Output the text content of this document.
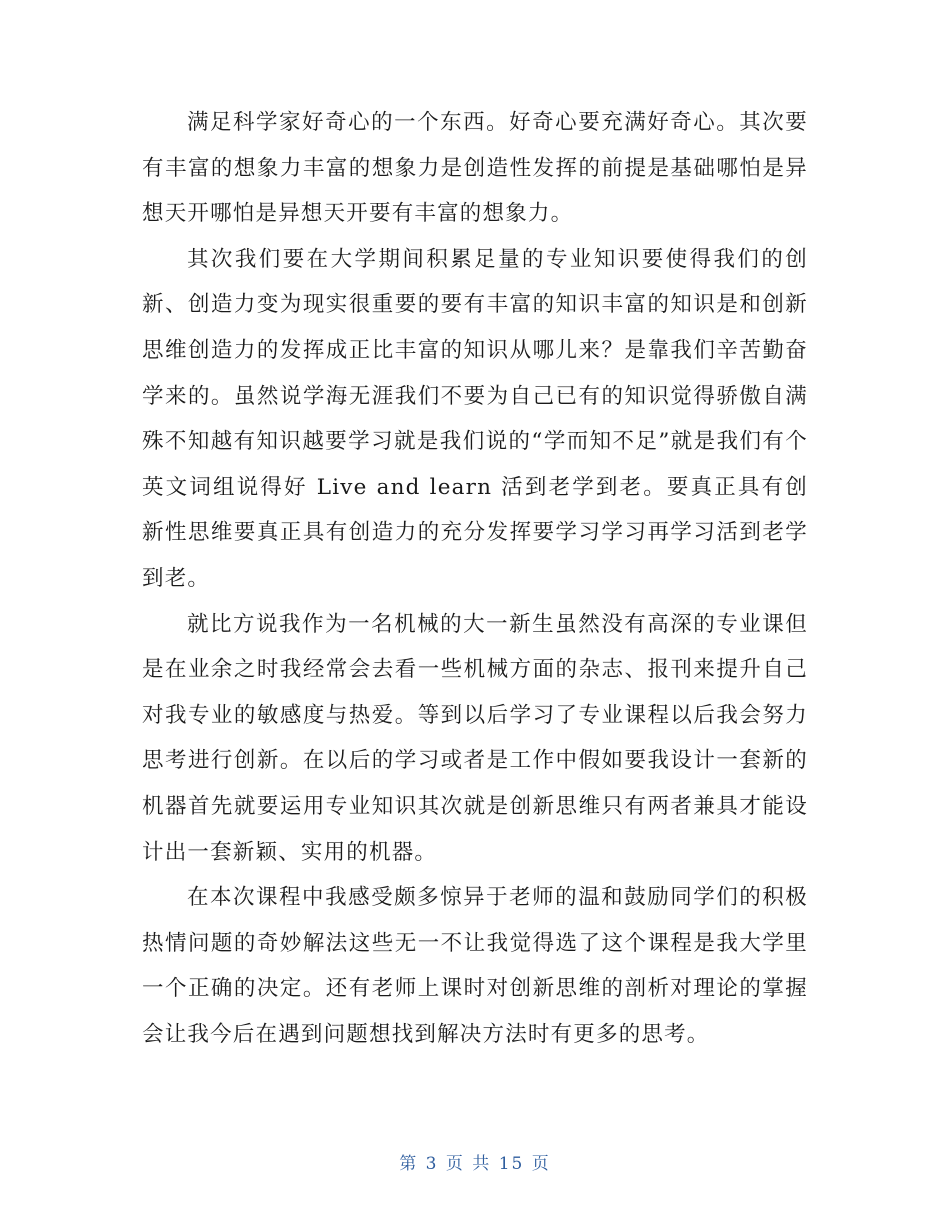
满足科学家好奇心的一个东西。好奇心要充满好奇心。其次要有丰富的想象力丰富的想象力是创造性发挥的前提是基础哪怕是异想天开哪怕是异想天开要有丰富的想象力。

其次我们要在大学期间积累足量的专业知识要使得我们的创新、创造力变为现实很重要的要有丰富的知识丰富的知识是和创新思维创造力的发挥成正比丰富的知识从哪儿来？是靠我们辛苦勤奋学来的。虽然说学海无涯我们不要为自己已有的知识觉得骄傲自满殊不知越有知识越要学习就是我们说的“学而知不足”就是我们有个英文词组说得好 Live and learn 活到老学到老。要真正具有创新性思维要真正具有创造力的充分发挥要学习学习再学习活到老学到老。

就比方说我作为一名机械的大一新生虽然没有高深的专业课但是在业余之时我经常会去看一些机械方面的杂志、报刊来提升自己对我专业的敏感度与热爱。等到以后学习了专业课程以后我会努力思考进行创新。在以后的学习或者是工作中假如要我设计一套新的机器首先就要运用专业知识其次就是创新思维只有两者兼具才能设计出一套新颖、实用的机器。

在本次课程中我感受颇多惊异于老师的温和鼓励同学们的积极热情问题的奇妙解法这些无一不让我觉得选了这个课程是我大学里一个正确的决定。还有老师上课时对创新思维的剖析对理论的掌握会让我今后在遇到问题想找到解决方法时有更多的思考。

第 3 页 共 15 页
